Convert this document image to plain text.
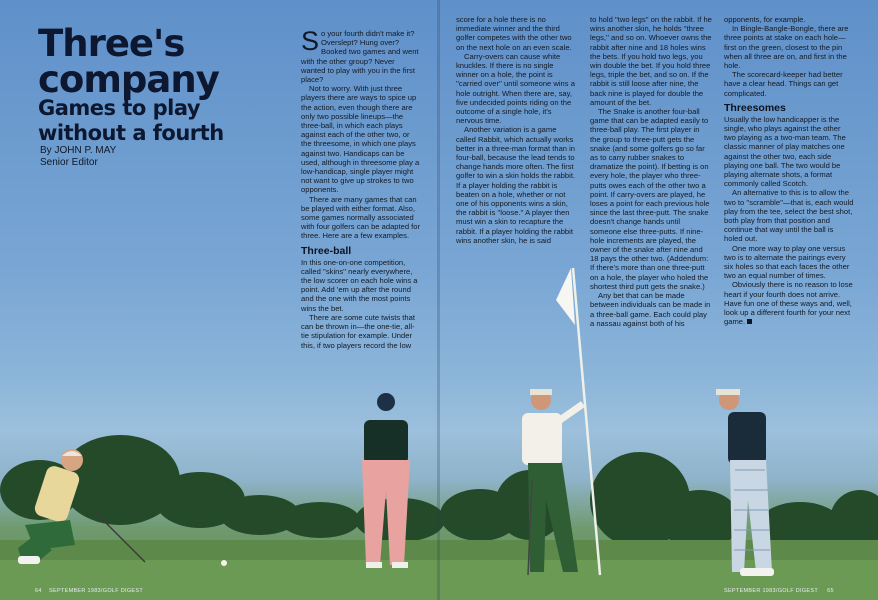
Three's
company
Games to play
without a fourth
By JOHN P. MAY
Senior Editor

So your fourth didn't make it? Overslept? Hung over? Booked two games and went with the other group? Never wanted to play with you in the first place?

Not to worry. With just three players there are ways to spice up the action, even though there are only two possible lineups—the three-ball, in which each plays against each of the other two, or the threesome, in which one plays against two. Handicaps can be used, although in threesome play a low-handicap, single player might not want to give up strokes to two opponents.

There are many games that can be played with either format. Also, some games normally associated with four golfers can be adapted for three. Here are a few examples.

Three-ball

In this one-on-one competition, called ''skins'' nearly everywhere, the low scorer on each hole wins a point. Add 'em up after the round and the one with the most points wins the bet.

There are some cute twists that can be thrown in—the one-tie, all-tie stipulation for example. Under this, if two players record the low

64 SEPTEMBER 1983/GOLF DIGEST

score for a hole there is no immediate winner and the third golfer competes with the other two on the next hole on an even scale.

Carry-overs can cause white knuckles. If there is no single winner on a hole, the point is ''carried over'' until someone wins a hole outright. When there are, say, five undecided points riding on the outcome of a single hole, it's nervous time.

Another variation is a game called Rabbit, which actually works better in a three-man format than in four-ball, because the lead tends to change hands more often. The first golfer to win a skin holds the rabbit. If a player holding the rabbit is beaten on a hole, whether or not one of his opponents wins a skin, the rabbit is ''loose.'' A player then must win a skin to recapture the rabbit. If a player holding the rabbit wins another skin, he is said

to hold ''two legs'' on the rabbit. If he wins another skin, he holds ''three legs,'' and so on. Whoever owns the rabbit after nine and 18 holes wins the bets. If you hold two legs, you win double the bet. If you hold three legs, triple the bet, and so on. If the rabbit is still loose after nine, the back nine is played for double the amount of the bet.

The Snake is another four-ball game that can be adapted easily to three-ball play. The first player in the group to three-putt gets the snake (and some golfers go so far as to carry rubber snakes to dramatize the point). If betting is on every hole, the player who three-putts owes each of the other two a point. If carry-overs are played, he loses a point for each previous hole since the last three-putt. The snake doesn't change hands until someone else three-putts. If nine-hole increments are played, the owner of the snake after nine and 18 pays the other two. (Addendum: If there's more than one three-putt on a hole, the player who holed the shortest third putt gets the snake.)

Any bet that can be made between individuals can be made in a three-ball game. Each could play a nassau against both of his

opponents, for example.

In Bingle-Bangle-Bongle, there are three points at stake on each hole—first on the green, closest to the pin when all three are on, and first in the hole.

The scorecard-keeper had better have a clear head. Things can get complicated.

Threesomes

Usually the low handicapper is the single, who plays against the other two playing as a two-man team. The classic manner of play matches one against the other two, each side playing one ball. The two would be playing alternate shots, a format commonly called Scotch.

An alternative to this is to allow the two to ''scramble''—that is, each would play from the tee, select the best shot, both play from that position and continue that way until the ball is holed out.

One more way to play one versus two is to alternate the pairings every six holes so that each faces the other two an equal number of times.

Obviously there is no reason to lose heart if your fourth does not arrive. Have fun one of these ways and, well, look up a different fourth for your next game.

SEPTEMBER 1983/GOLF DIGEST 65
